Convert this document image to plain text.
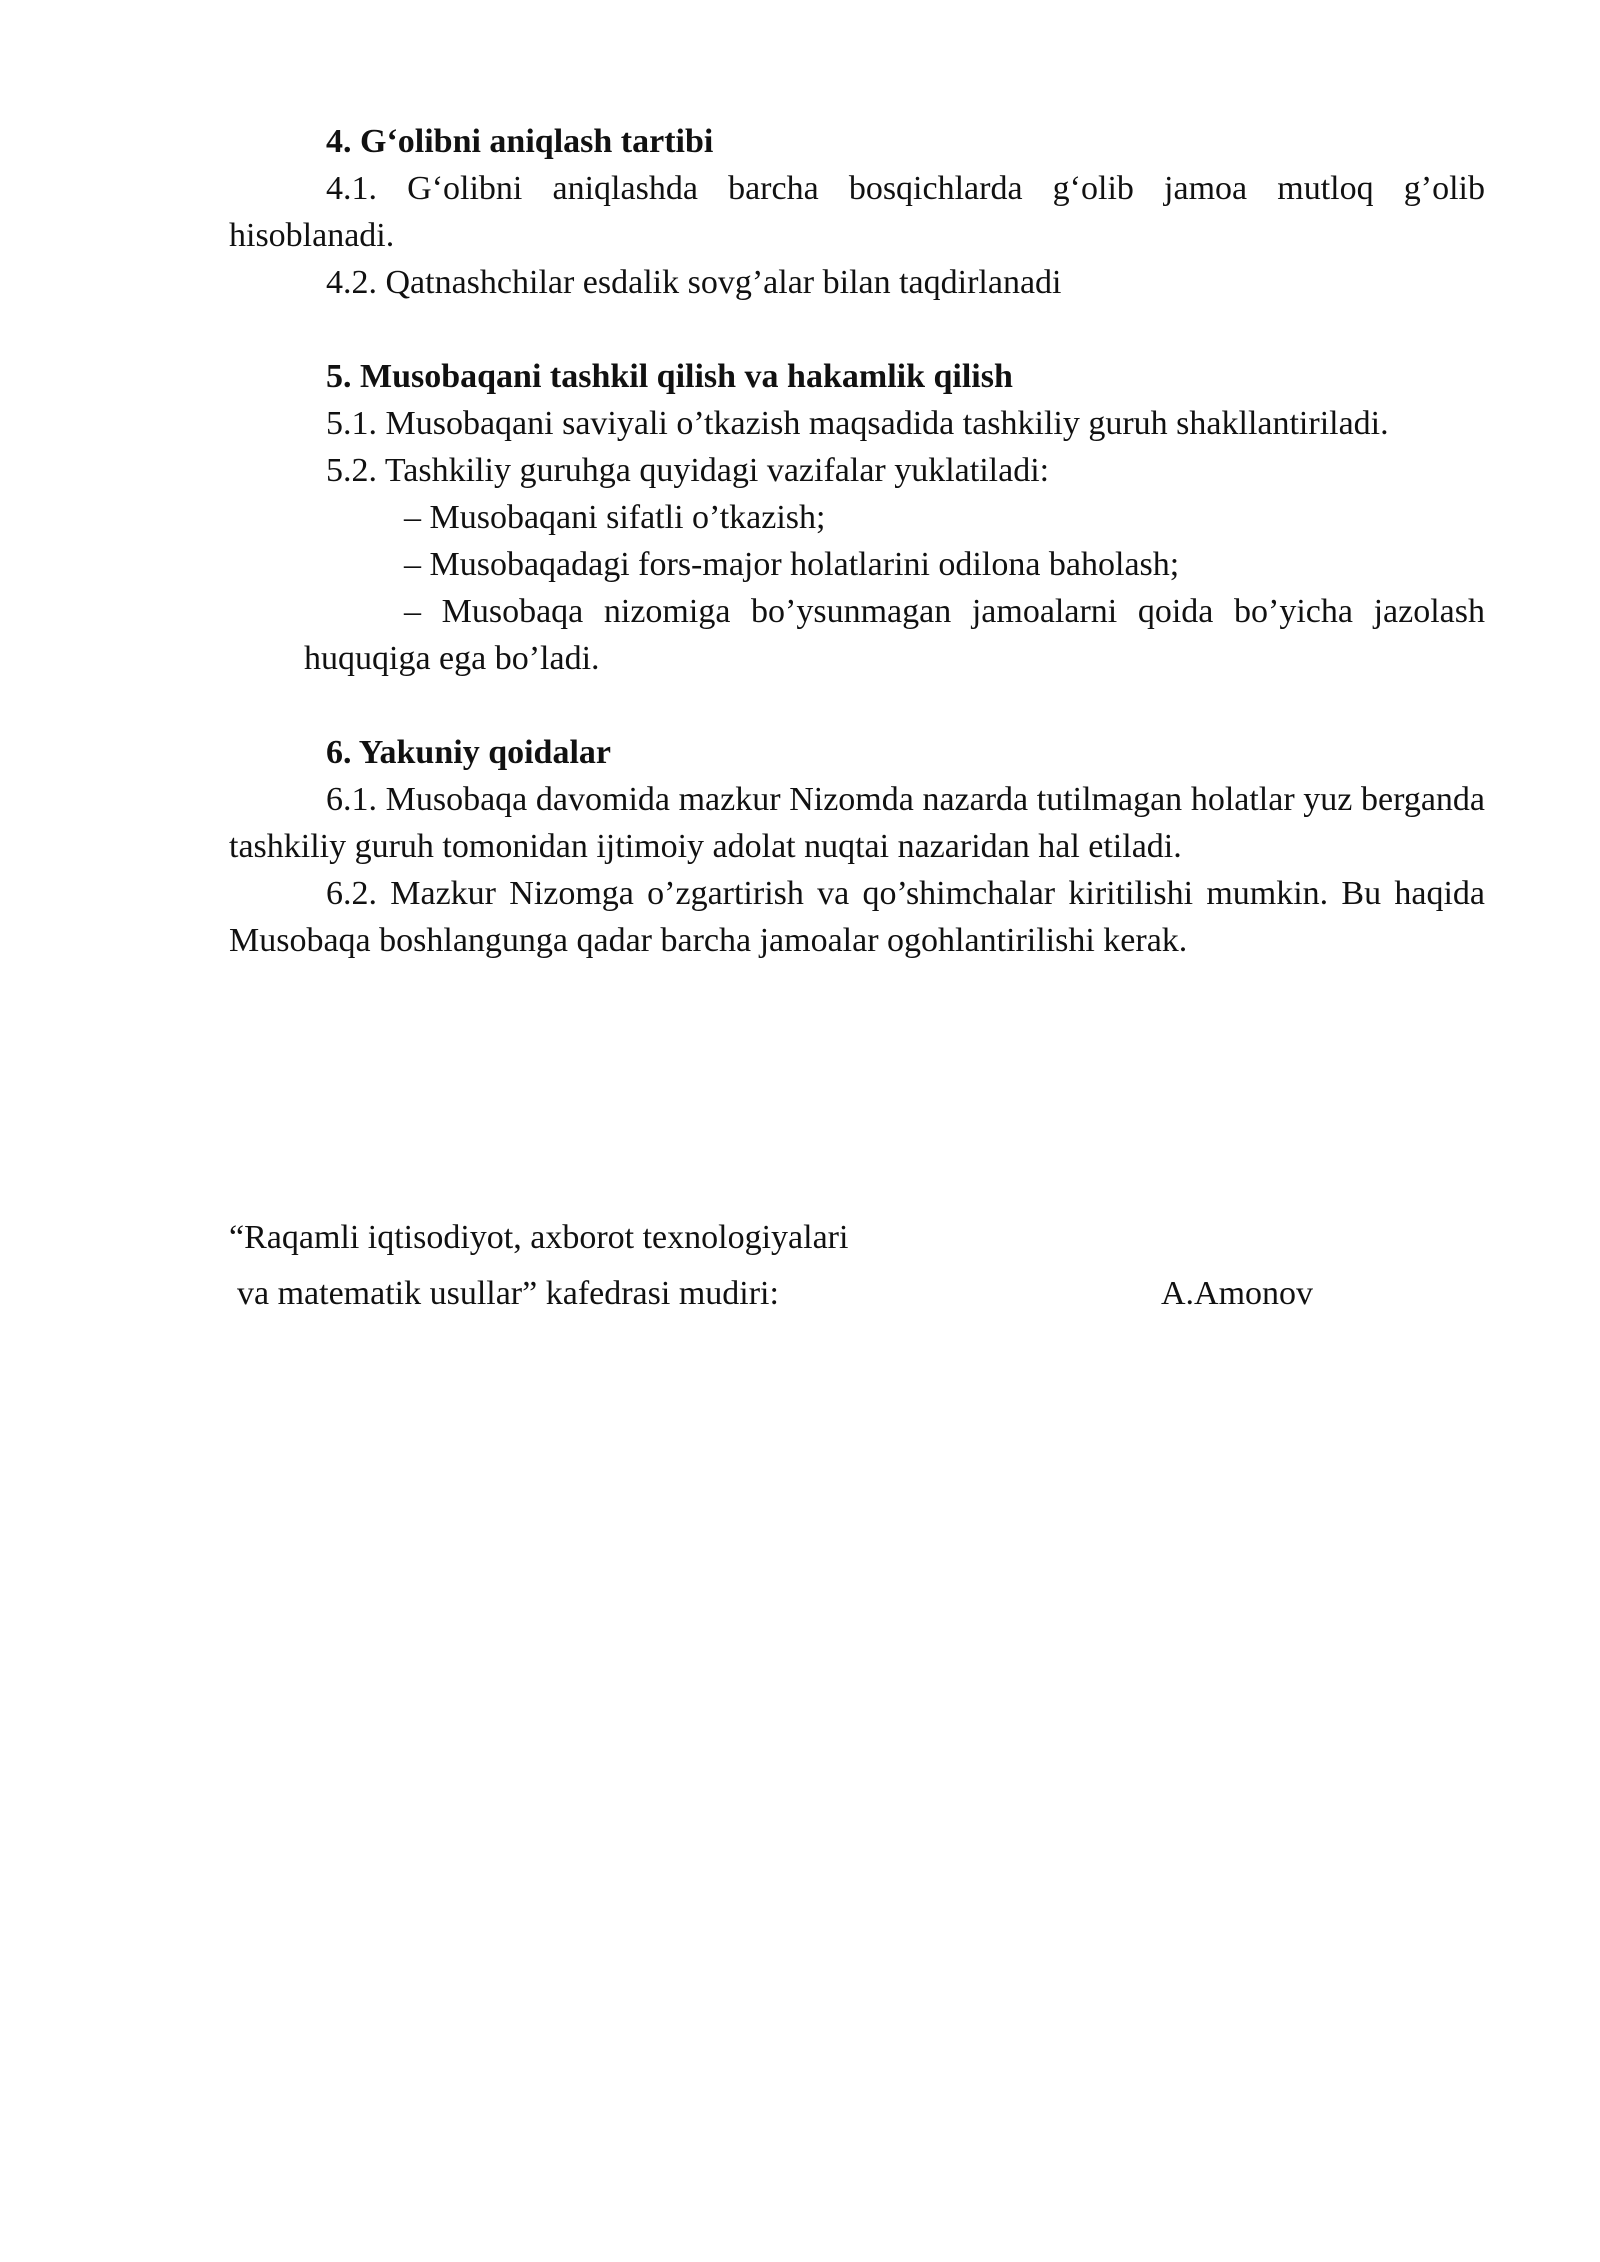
4. G‘olibni aniqlash tartibi

4.1. G‘olibni aniqlashda barcha bosqichlarda g‘olib jamoa mutloq g’olib hisoblanadi.

4.2. Qatnashchilar esdalik sovg’alar bilan taqdirlanadi

5. Musobaqani tashkil qilish va hakamlik qilish

5.1. Musobaqani saviyali o’tkazish maqsadida tashkiliy guruh shakllantiriladi.

5.2. Tashkiliy guruhga quyidagi vazifalar yuklatiladi:

– Musobaqani sifatli o’tkazish;

– Musobaqadagi fors-major holatlarini odilona baholash;

– Musobaqa nizomiga bo’ysunmagan jamoalarni qoida bo’yicha jazolash huquqiga ega bo’ladi.

6. Yakuniy qoidalar

6.1. Musobaqa davomida mazkur Nizomda nazarda tutilmagan holatlar yuz berganda tashkiliy guruh tomonidan ijtimoiy adolat nuqtai nazaridan hal etiladi.

6.2. Mazkur Nizomga o’zgartirish va qo’shimchalar kiritilishi mumkin. Bu haqida Musobaqa boshlangunga qadar barcha jamoalar ogohlantirilishi kerak.

“Raqamli iqtisodiyot, axborot texnologiyalari
va matematik usullar” kafedrasi mudiri:	A.Amonov
